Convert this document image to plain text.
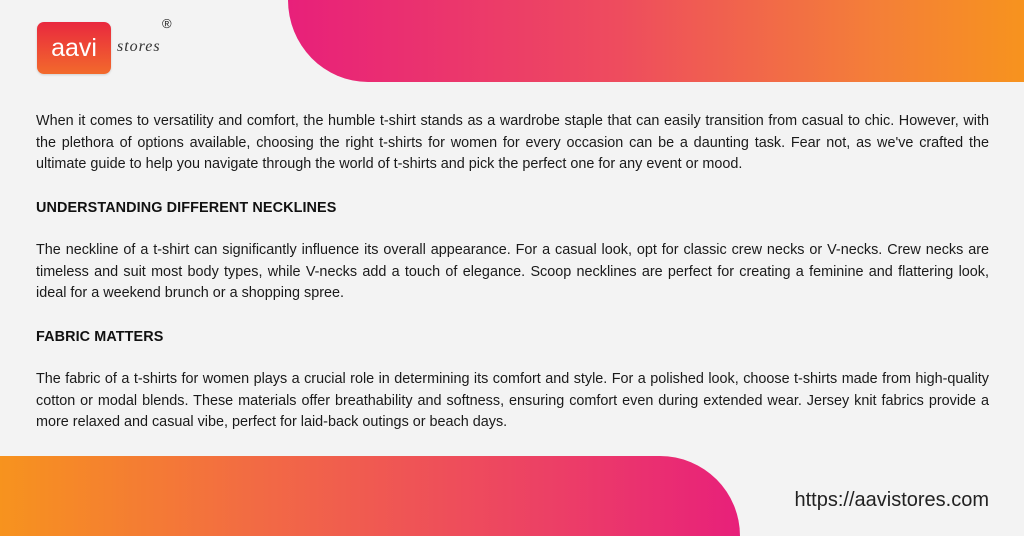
aavi stores
®

When it comes to versatility and comfort, the humble t-shirt stands as a wardrobe staple that can easily transition from casual to chic. However, with the plethora of options available, choosing the right t-shirts for women for every occasion can be a daunting task. Fear not, as we've crafted the ultimate guide to help you navigate through the world of t-shirts and pick the perfect one for any event or mood.

UNDERSTANDING DIFFERENT NECKLINES

The neckline of a t-shirt can significantly influence its overall appearance. For a casual look, opt for classic crew necks or V-necks. Crew necks are timeless and suit most body types, while V-necks add a touch of elegance. Scoop necklines are perfect for creating a feminine and flattering look, ideal for a weekend brunch or a shopping spree.

FABRIC MATTERS

The fabric of a t-shirts for women plays a crucial role in determining its comfort and style. For a polished look, choose t-shirts made from high-quality cotton or modal blends. These materials offer breathability and softness, ensuring comfort even during extended wear. Jersey knit fabrics provide a more relaxed and casual vibe, perfect for laid-back outings or beach days.

https://aavistores.com
